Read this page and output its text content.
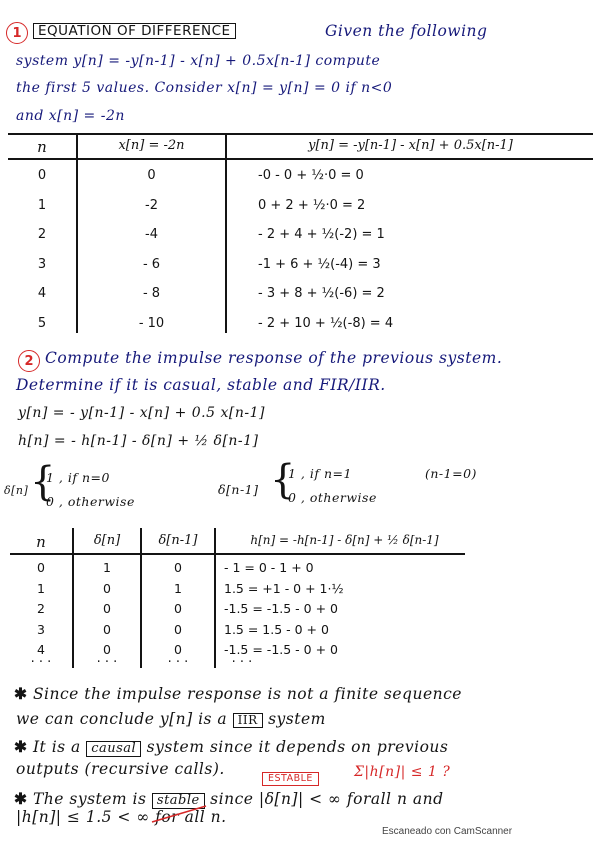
1	EQUATION OF DIFFERENCE	Given the following
system y[n] = -y[n-1] - x[n] + 0.5x[n-1] compute
the first 5 values. Consider x[n] = y[n] = 0 if n<0
and x[n] = -2n
n	x[n] = -2n	y[n] = -y[n-1] - x[n] + 0.5x[n-1]
0	0	-0 - 0 + ½·0 = 0
1	-2	0 + 2 + ½·0 = 2
2	-4	- 2 + 4 + ½(-2) = 1
3	- 6	-1 + 6 + ½(-4) = 3
4	- 8	- 3 + 8 + ½(-6) = 2
5	- 10	- 2 + 10 + ½(-8) = 4
2 Compute the impulse response of the previous system.
Determine if it is casual, stable and FIR/IIR.
y[n] = - y[n-1] - x[n] + 0.5 x[n-1]
h[n] = - h[n-1] - δ[n] + ½ δ[n-1]
δ[n] {
1 , if n=0
0 , otherwise
δ[n-1] {
1 , if n=1	(n-1=0)
0 , otherwise
n	δ[n]	δ[n-1]	h[n] = -h[n-1] - δ[n] + ½ δ[n-1]
0	1	0	- 1 = 0 - 1 + 0
1	0	1	1.5 = +1 - 0 + 1·½
2	0	0	-1.5 = -1.5 - 0 + 0
3	0	0	1.5 = 1.5 - 0 + 0
4	0	0	-1.5 = -1.5 - 0 + 0
· · ·	· · ·	· · ·	· · ·
✱ Since the impulse response is not a finite sequence
we can conclude y[n] is a IIR system
✱ It is a causal system since it depends on previous
outputs (recursive calls).
ESTABLE	Σ|h[n]| ≤ 1 ?
✱ The system is stable since |δ[n]| < ∞ forall n and
|h[n]| ≤ 1.5 < ∞ for all n.
Escaneado con CamScanner
